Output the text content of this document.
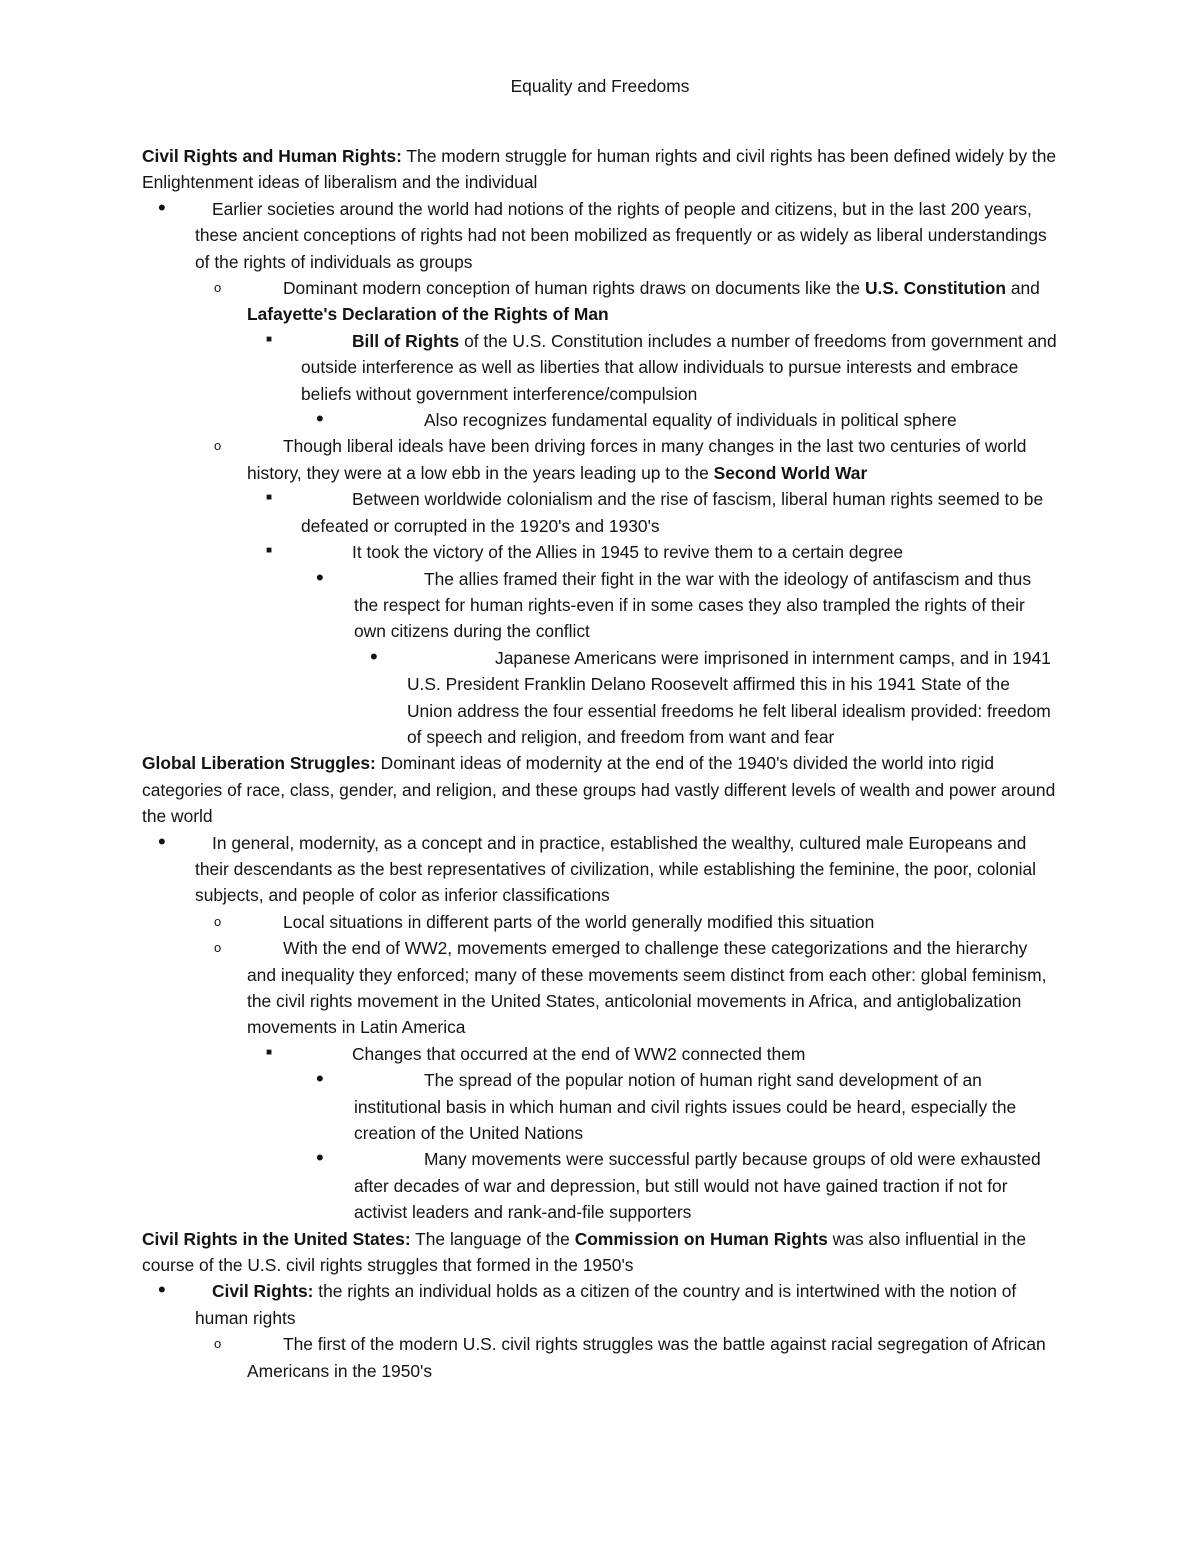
Equality and Freedoms

Civil Rights and Human Rights: The modern struggle for human rights and civil rights has been defined widely by the Enlightenment ideas of liberalism and the individual

•	Earlier societies around the world had notions of the rights of people and citizens, but in the last 200 years, these ancient conceptions of rights had not been mobilized as frequently or as widely as liberal understandings of the rights of individuals as groups
o	Dominant modern conception of human rights draws on documents like the U.S. Constitution and Lafayette's Declaration of the Rights of Man
■	Bill of Rights of the U.S. Constitution includes a number of freedoms from government and outside interference as well as liberties that allow individuals to pursue interests and embrace beliefs without government interference/compulsion
•	Also recognizes fundamental equality of individuals in political sphere
o	Though liberal ideals have been driving forces in many changes in the last two centuries of world history, they were at a low ebb in the years leading up to the Second World War
■	Between worldwide colonialism and the rise of fascism, liberal human rights seemed to be defeated or corrupted in the 1920's and 1930's
■	It took the victory of the Allies in 1945 to revive them to a certain degree
•	The allies framed their fight in the war with the ideology of antifascism and thus the respect for human rights-even if in some cases they also trampled the rights of their own citizens during the conflict
•	Japanese Americans were imprisoned in internment camps, and in 1941 U.S. President Franklin Delano Roosevelt affirmed this in his 1941 State of the Union address the four essential freedoms he felt liberal idealism provided: freedom of speech and religion, and freedom from want and fear

Global Liberation Struggles: Dominant ideas of modernity at the end of the 1940's divided the world into rigid categories of race, class, gender, and religion, and these groups had vastly different levels of wealth and power around the world

•	In general, modernity, as a concept and in practice, established the wealthy, cultured male Europeans and their descendants as the best representatives of civilization, while establishing the feminine, the poor, colonial subjects, and people of color as inferior classifications
o	Local situations in different parts of the world generally modified this situation
o	With the end of WW2, movements emerged to challenge these categorizations and the hierarchy and inequality they enforced; many of these movements seem distinct from each other: global feminism, the civil rights movement in the United States, anticolonial movements in Africa, and antiglobalization movements in Latin America
■	Changes that occurred at the end of WW2 connected them
•	The spread of the popular notion of human right sand development of an institutional basis in which human and civil rights issues could be heard, especially the creation of the United Nations
•	Many movements were successful partly because groups of old were exhausted after decades of war and depression, but still would not have gained traction if not for activist leaders and rank-and-file supporters

Civil Rights in the United States: The language of the Commission on Human Rights was also influential in the course of the U.S. civil rights struggles that formed in the 1950's

•	Civil Rights: the rights an individual holds as a citizen of the country and is intertwined with the notion of human rights
o	The first of the modern U.S. civil rights struggles was the battle against racial segregation of African Americans in the 1950's
